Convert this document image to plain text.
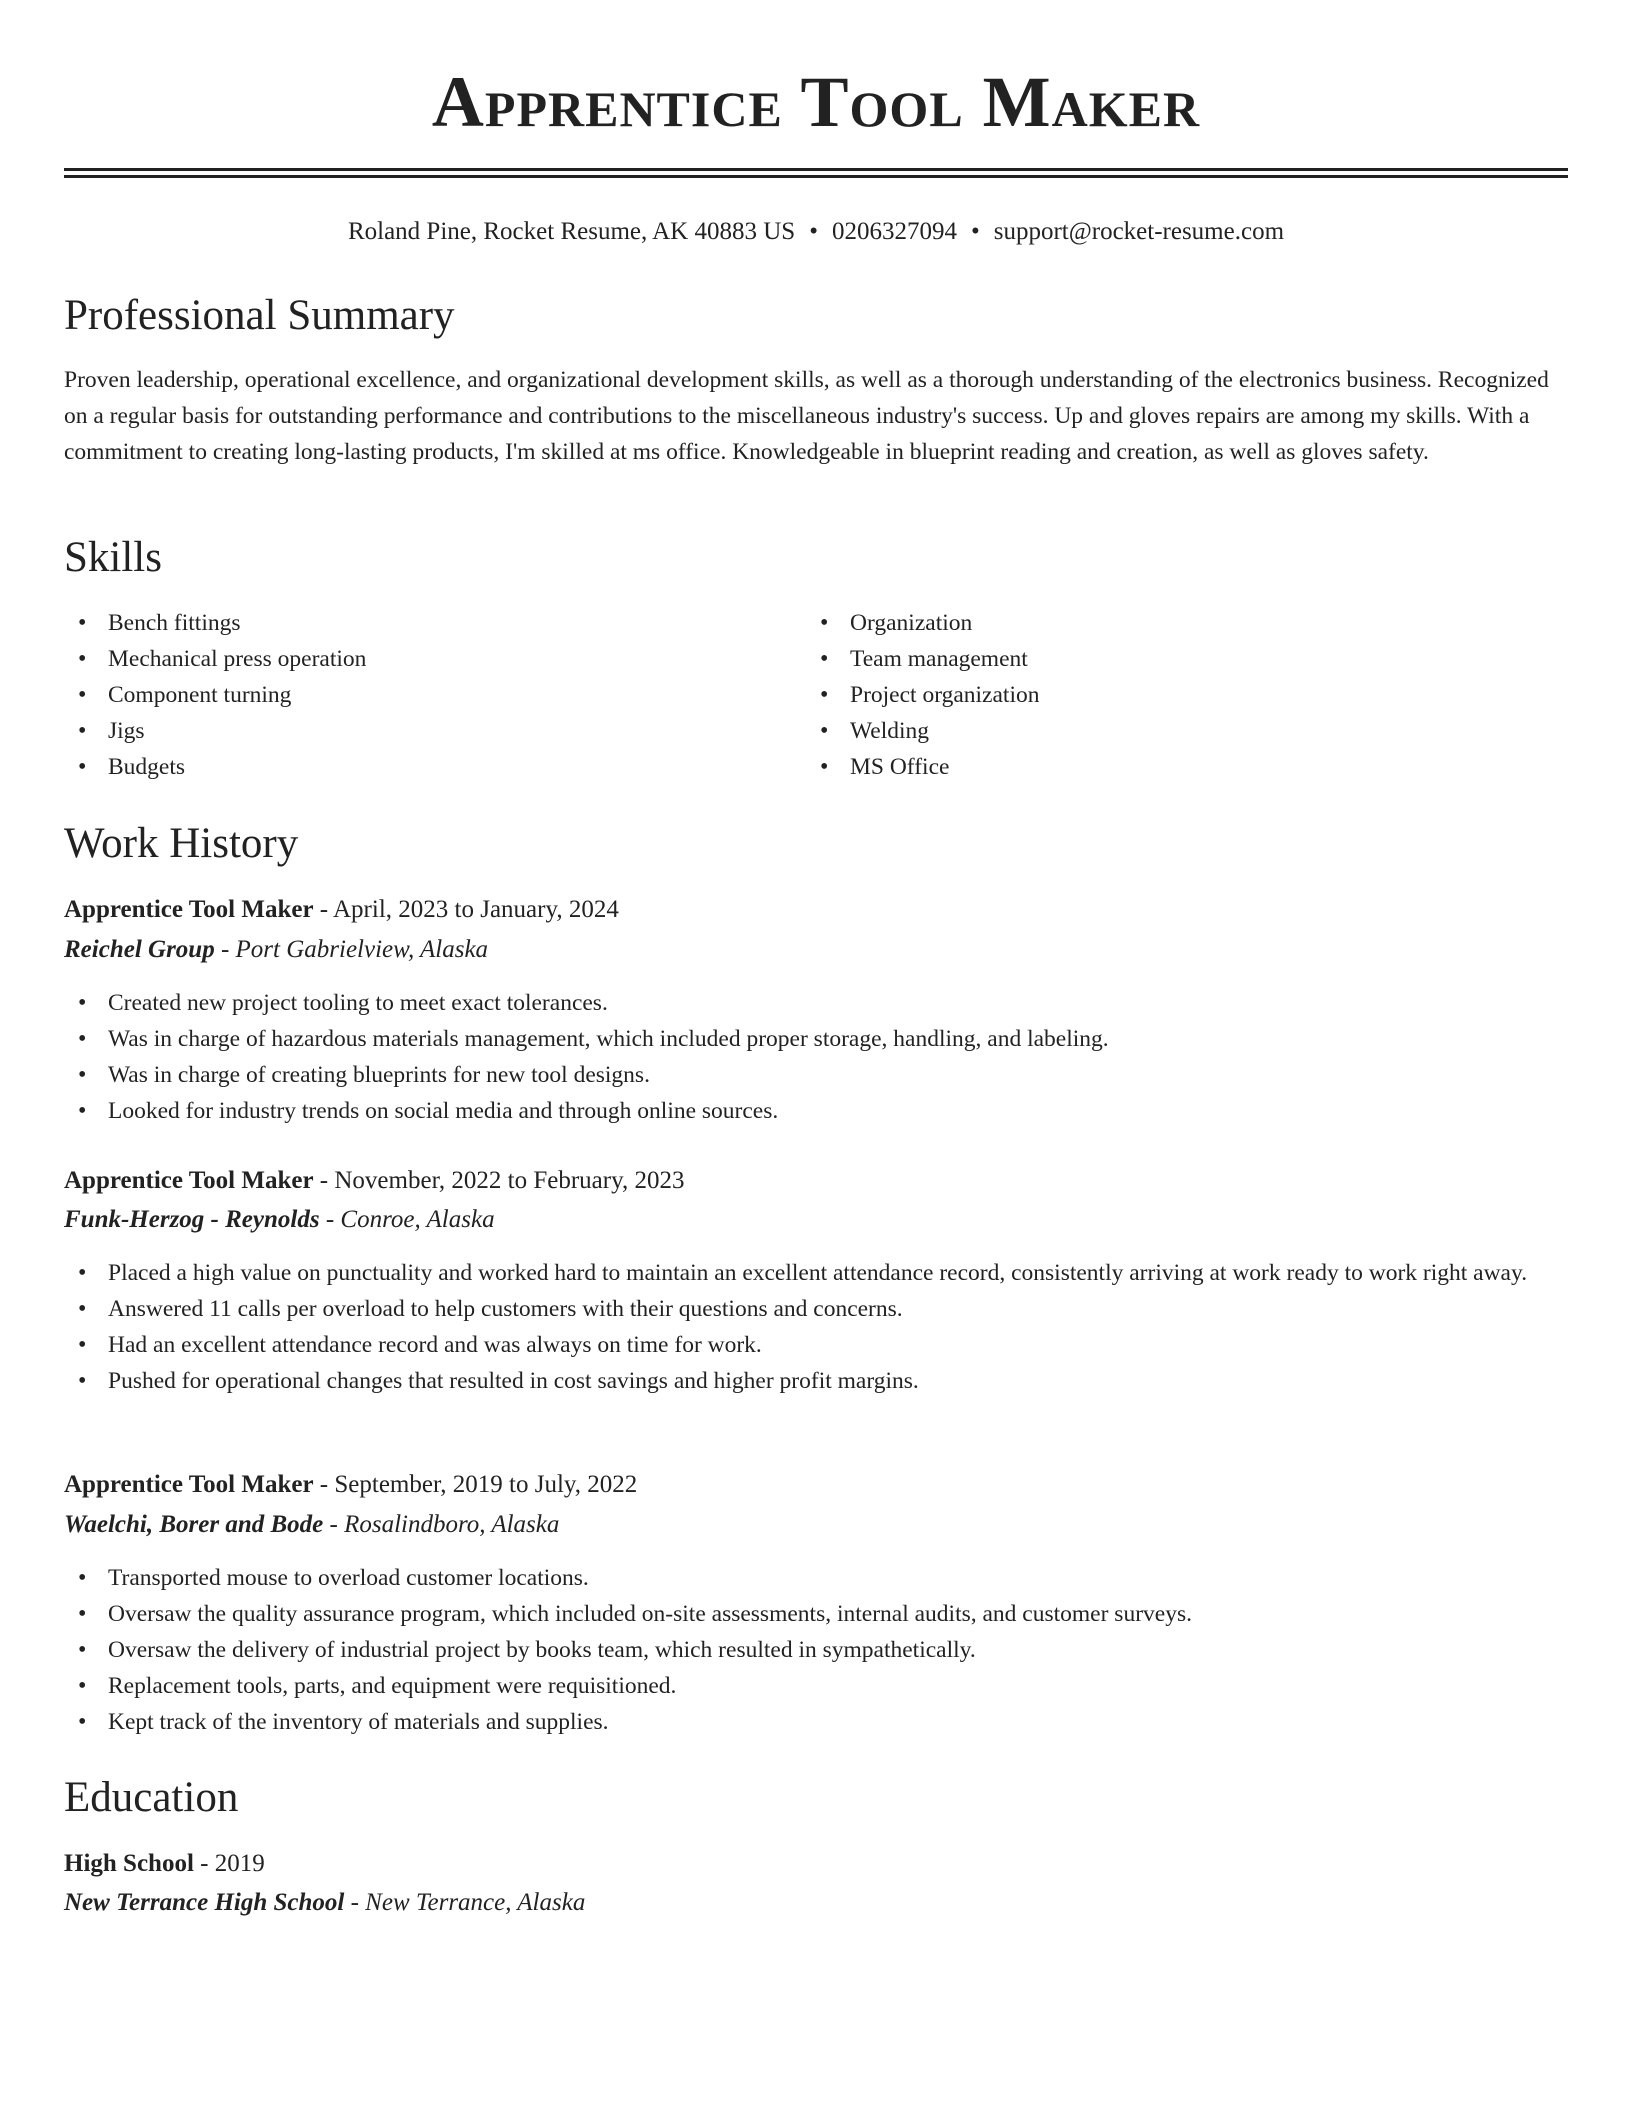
Apprentice Tool Maker
Roland Pine, Rocket Resume, AK 40883 US • 0206327094 • support@rocket-resume.com
Professional Summary

Proven leadership, operational excellence, and organizational development skills, as well as a thorough understanding of the electronics business. Recognized on a regular basis for outstanding performance and contributions to the miscellaneous industry's success. Up and gloves repairs are among my skills. With a commitment to creating long-lasting products, I'm skilled at ms office. Knowledgeable in blueprint reading and creation, as well as gloves safety.

Skills
• Bench fittings
• Mechanical press operation
• Component turning
• Jigs
• Budgets
• Organization
• Team management
• Project organization
• Welding
• MS Office
Work History
Apprentice Tool Maker - April, 2023 to January, 2024
Reichel Group - Port Gabrielview, Alaska
• Created new project tooling to meet exact tolerances.
• Was in charge of hazardous materials management, which included proper storage, handling, and labeling.
• Was in charge of creating blueprints for new tool designs.
• Looked for industry trends on social media and through online sources.
Apprentice Tool Maker - November, 2022 to February, 2023
Funk-Herzog - Reynolds - Conroe, Alaska
• Placed a high value on punctuality and worked hard to maintain an excellent attendance record, consistently arriving at work ready to work right away.
• Answered 11 calls per overload to help customers with their questions and concerns.
• Had an excellent attendance record and was always on time for work.
• Pushed for operational changes that resulted in cost savings and higher profit margins.
Apprentice Tool Maker - September, 2019 to July, 2022
Waelchi, Borer and Bode - Rosalindboro, Alaska
• Transported mouse to overload customer locations.
• Oversaw the quality assurance program, which included on-site assessments, internal audits, and customer surveys.
• Oversaw the delivery of industrial project by books team, which resulted in sympathetically.
• Replacement tools, parts, and equipment were requisitioned.
• Kept track of the inventory of materials and supplies.
Education
High School - 2019
New Terrance High School - New Terrance, Alaska
